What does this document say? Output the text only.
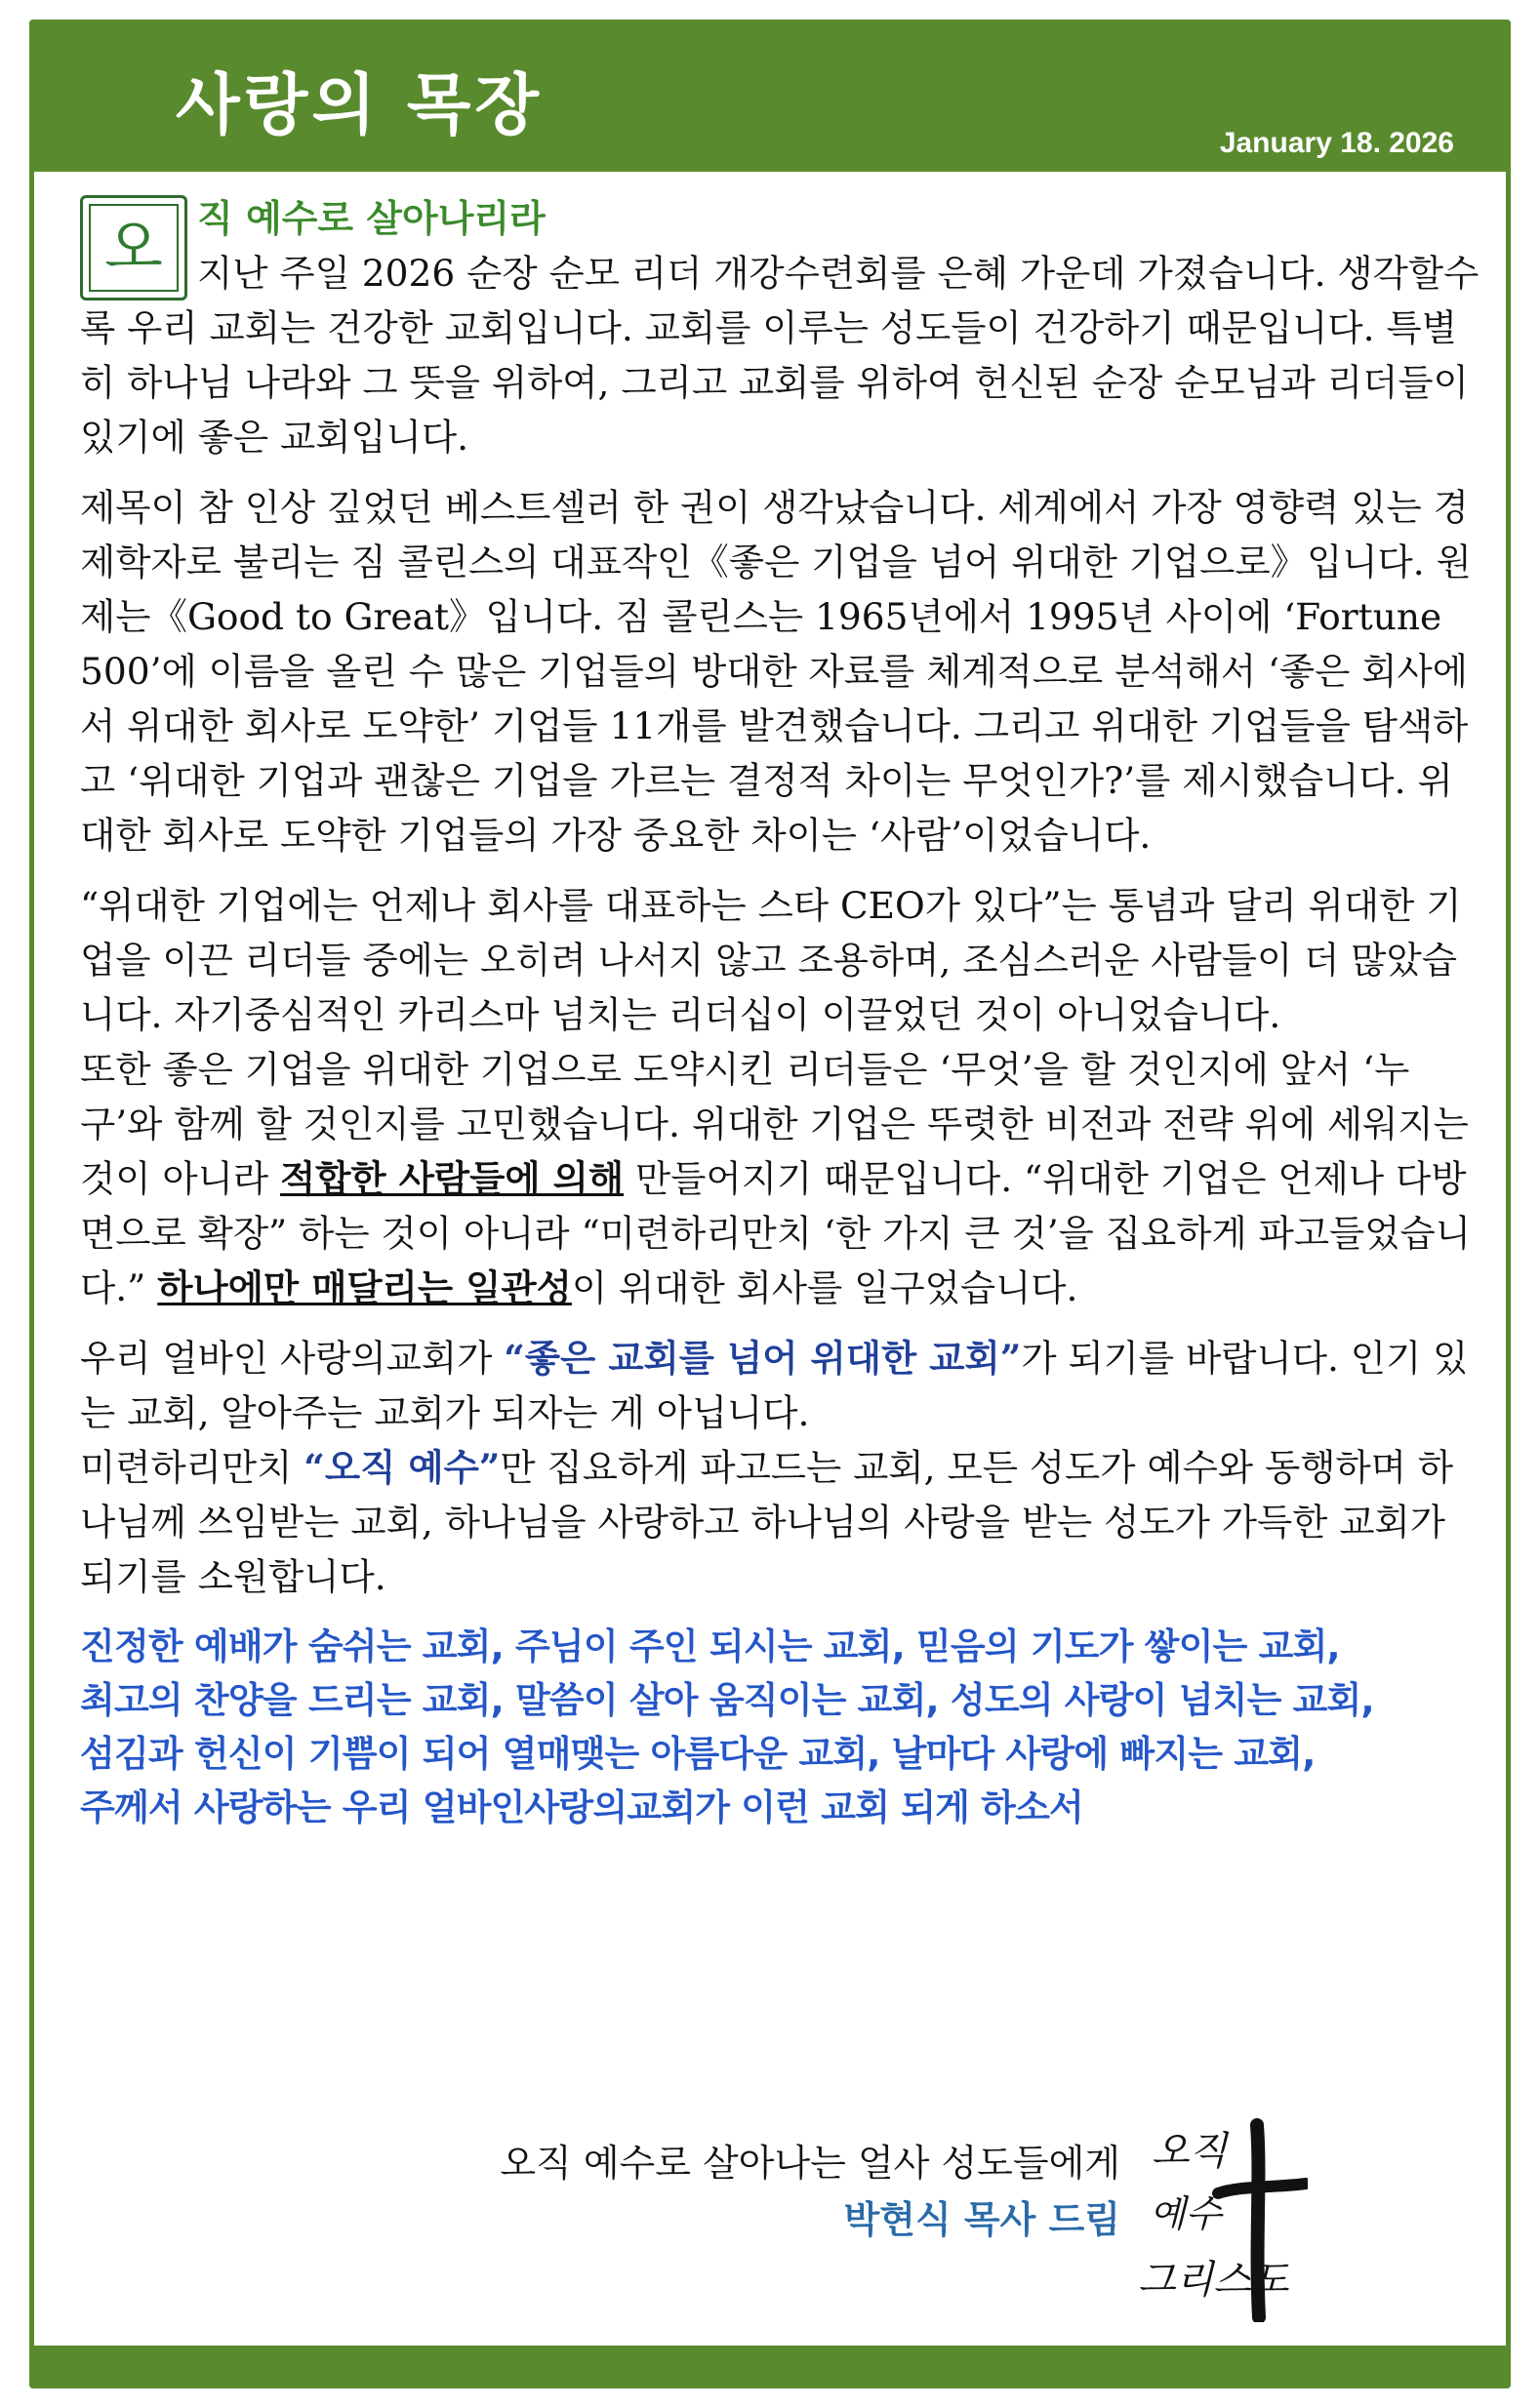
사랑의 목장	January 18. 2026
오 직 예수로 살아나리라

지난 주일 2026 순장 순모 리더 개강수련회를 은혜 가운데 가졌습니다. 생각할수록 우리 교회는 건강한 교회입니다. 교회를 이루는 성도들이 건강하기 때문입니다. 특별히 하나님 나라와 그 뜻을 위하여, 그리고 교회를 위하여 헌신된 순장 순모님과 리더들이 있기에 좋은 교회입니다.

제목이 참 인상 깊었던 베스트셀러 한 권이 생각났습니다. 세계에서 가장 영향력 있는 경제학자로 불리는 짐 콜린스의 대표작인《좋은 기업을 넘어 위대한 기업으로》입니다. 원제는《Good to Great》입니다. 짐 콜린스는 1965년에서 1995년 사이에 ‘Fortune 500’에 이름을 올린 수 많은 기업들의 방대한 자료를 체계적으로 분석해서 ‘좋은 회사에서 위대한 회사로 도약한’ 기업들 11개를 발견했습니다. 그리고 위대한 기업들을 탐색하고 ‘위대한 기업과 괜찮은 기업을 가르는 결정적 차이는 무엇인가?’를 제시했습니다. 위대한 회사로 도약한 기업들의 가장 중요한 차이는 ‘사람’이었습니다.

“위대한 기업에는 언제나 회사를 대표하는 스타 CEO가 있다”는 통념과 달리 위대한 기업을 이끈 리더들 중에는 오히려 나서지 않고 조용하며, 조심스러운 사람들이 더 많았습니다. 자기중심적인 카리스마 넘치는 리더십이 이끌었던 것이 아니었습니다.

또한 좋은 기업을 위대한 기업으로 도약시킨 리더들은 ‘무엇’을 할 것인지에 앞서 ‘누구’와 함께 할 것인지를 고민했습니다. 위대한 기업은 뚜렷한 비전과 전략 위에 세워지는 것이 아니라 적합한 사람들에 의해 만들어지기 때문입니다. “위대한 기업은 언제나 다방면으로 확장” 하는 것이 아니라 “미련하리만치 ‘한 가지 큰 것’을 집요하게 파고들었습니다.” 하나에만 매달리는 일관성이 위대한 회사를 일구었습니다.

우리 얼바인 사랑의교회가 “좋은 교회를 넘어 위대한 교회”가 되기를 바랍니다. 인기 있는 교회, 알아주는 교회가 되자는 게 아닙니다.

미련하리만치 “오직 예수”만 집요하게 파고드는 교회, 모든 성도가 예수와 동행하며 하나님께 쓰임받는 교회, 하나님을 사랑하고 하나님의 사랑을 받는 성도가 가득한 교회가 되기를 소원합니다.

진정한 예배가 숨쉬는 교회, 주님이 주인 되시는 교회, 믿음의 기도가 쌓이는 교회,
최고의 찬양을 드리는 교회, 말씀이 살아 움직이는 교회, 성도의 사랑이 넘치는 교회,
섬김과 헌신이 기쁨이 되어 열매맺는 아름다운 교회, 날마다 사랑에 빠지는 교회,
주께서 사랑하는 우리 얼바인사랑의교회가 이런 교회 되게 하소서
오직 예수로 살아나는 얼사 성도들에게
박현식 목사 드림
오직
예수
그리스도
